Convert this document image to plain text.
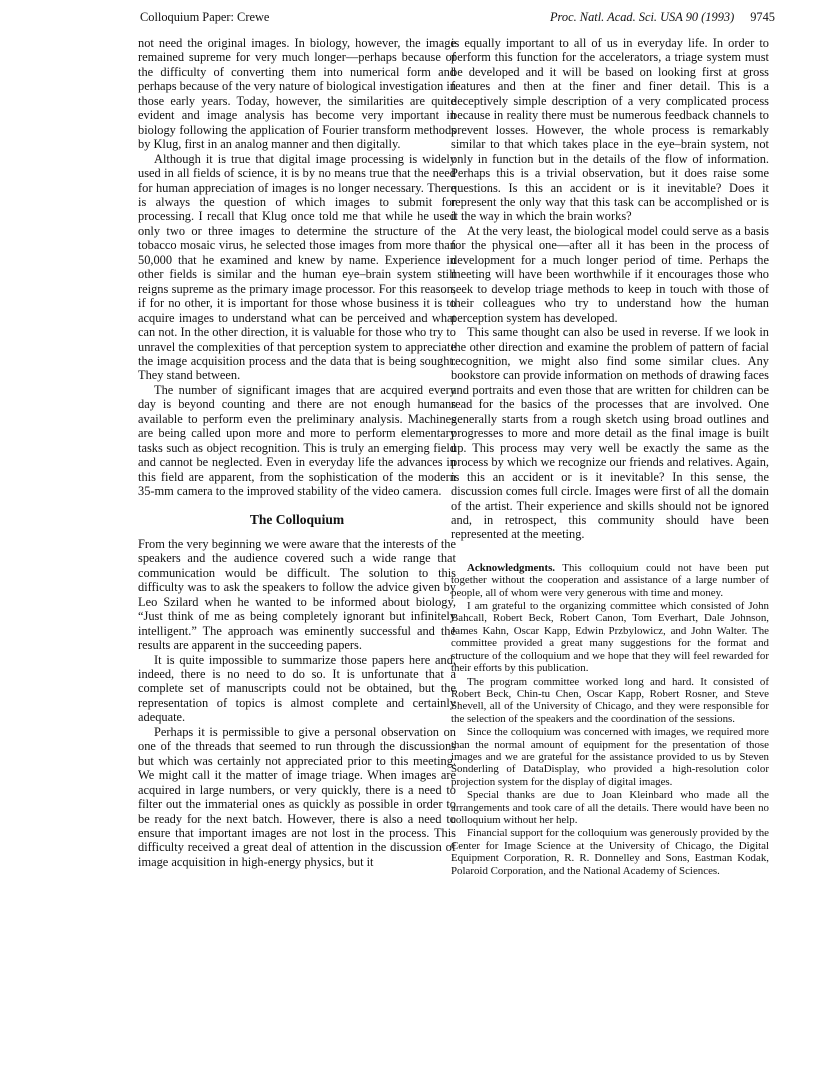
Colloquium Paper: Crewe	Proc. Natl. Acad. Sci. USA 90 (1993) 9745

not need the original images. In biology, however, the image remained supreme for very much longer—perhaps because of the difficulty of converting them into numerical form and perhaps because of the very nature of biological investigation in those early years. Today, however, the similarities are quite evident and image analysis has become very important in biology following the application of Fourier transform methods by Klug, first in an analog manner and then digitally.

Although it is true that digital image processing is widely used in all fields of science, it is by no means true that the need for human appreciation of images is no longer necessary. There is always the question of which images to submit for processing. I recall that Klug once told me that while he used only two or three images to determine the structure of the tobacco mosaic virus, he selected those images from more than 50,000 that he examined and knew by name. Experience in other fields is similar and the human eye–brain system still reigns supreme as the primary image processor. For this reason, if for no other, it is important for those whose business it is to acquire images to understand what can be perceived and what can not. In the other direction, it is valuable for those who try to unravel the complexities of that perception system to appreciate the image acquisition process and the data that is being sought. They stand between.

The number of significant images that are acquired every day is beyond counting and there are not enough humans available to perform even the preliminary analysis. Machines are being called upon more and more to perform elementary tasks such as object recognition. This is truly an emerging field and cannot be neglected. Even in everyday life the advances in this field are apparent, from the sophistication of the modern 35-mm camera to the improved stability of the video camera.

The Colloquium

From the very beginning we were aware that the interests of the speakers and the audience covered such a wide range that communication would be difficult. The solution to this difficulty was to ask the speakers to follow the advice given by Leo Szilard when he wanted to be informed about biology, “Just think of me as being completely ignorant but infinitely intelligent.” The approach was eminently successful and the results are apparent in the succeeding papers.

It is quite impossible to summarize those papers here and, indeed, there is no need to do so. It is unfortunate that a complete set of manuscripts could not be obtained, but the representation of topics is almost complete and certainly adequate.

Perhaps it is permissible to give a personal observation on one of the threads that seemed to run through the discussions but which was certainly not appreciated prior to this meeting. We might call it the matter of image triage. When images are acquired in large numbers, or very quickly, there is a need to filter out the immaterial ones as quickly as possible in order to be ready for the next batch. However, there is also a need to ensure that important images are not lost in the process. This difficulty received a great deal of attention in the discussion of image acquisition in high-energy physics, but it

is equally important to all of us in everyday life. In order to perform this function for the accelerators, a triage system must be developed and it will be based on looking first at gross features and then at the finer and finer detail. This is a deceptively simple description of a very complicated process because in reality there must be numerous feedback channels to prevent losses. However, the whole process is remarkably similar to that which takes place in the eye–brain system, not only in function but in the details of the flow of information. Perhaps this is a trivial observation, but it does raise some questions. Is this an accident or is it inevitable? Does it represent the only way that this task can be accomplished or is it the way in which the brain works?

At the very least, the biological model could serve as a basis for the physical one—after all it has been in the process of development for a much longer period of time. Perhaps the meeting will have been worthwhile if it encourages those who seek to develop triage methods to keep in touch with those of their colleagues who try to understand how the human perception system has developed.

This same thought can also be used in reverse. If we look in the other direction and examine the problem of pattern of facial recognition, we might also find some similar clues. Any bookstore can provide information on methods of drawing faces and portraits and even those that are written for children can be read for the basics of the processes that are involved. One generally starts from a rough sketch using broad outlines and progresses to more and more detail as the final image is built up. This process may very well be exactly the same as the process by which we recognize our friends and relatives. Again, is this an accident or is it inevitable? In this sense, the discussion comes full circle. Images were first of all the domain of the artist. Their experience and skills should not be ignored and, in retrospect, this community should have been represented at the meeting.

Acknowledgments. This colloquium could not have been put together without the cooperation and assistance of a large number of people, all of whom were very generous with time and money.

I am grateful to the organizing committee which consisted of John Bahcall, Robert Beck, Robert Canon, Tom Everhart, Dale Johnson, James Kahn, Oscar Kapp, Edwin Przbylowicz, and John Walter. The committee provided a great many suggestions for the format and structure of the colloquium and we hope that they will feel rewarded for their efforts by this publication.

The program committee worked long and hard. It consisted of Robert Beck, Chin-tu Chen, Oscar Kapp, Robert Rosner, and Steve Shevell, all of the University of Chicago, and they were responsible for the selection of the speakers and the coordination of the sessions.

Since the colloquium was concerned with images, we required more than the normal amount of equipment for the presentation of those images and we are grateful for the assistance provided to us by Steven Sonderling of DataDisplay, who provided a high-resolution color projection system for the display of digital images.

Special thanks are due to Joan Kleinbard who made all the arrangements and took care of all the details. There would have been no colloquium without her help.

Financial support for the colloquium was generously provided by the Center for Image Science at the University of Chicago, the Digital Equipment Corporation, R. R. Donnelley and Sons, Eastman Kodak, Polaroid Corporation, and the National Academy of Sciences.
